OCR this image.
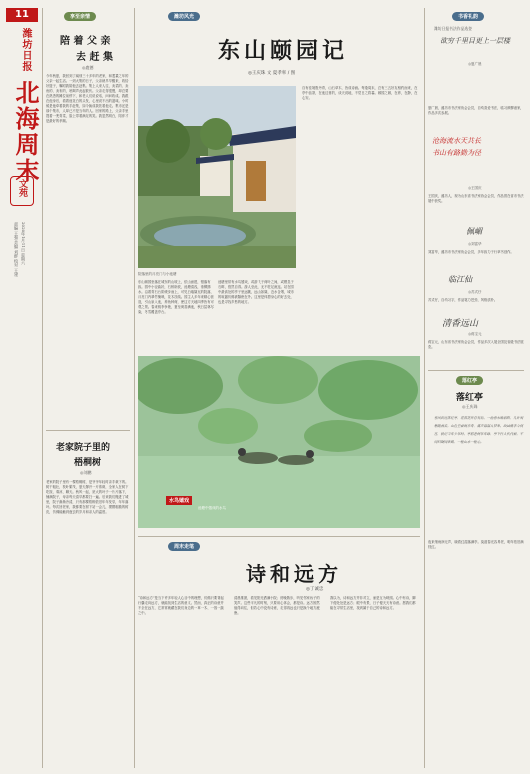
11
潍坊日报
北海周末
文苑
2020年1月11日 星期六
责编 王强 美编 刘群 校对 王建
享至亲情
陪 着 父 亲
去 赶 集
◎鹿德
今年秋夏，我回到了阔别三十多年的老家，和耄耋之年的父亲一起生活。一到大集的日子，父亲就早早醒来，收拾好篮子，嘱咐我陪他去赶集。集上人来人往，卖菜的、卖鱼的、卖布的，吆喝声此起彼伏。父亲走得很慢，却总要在熟悉的摊位前停下，和老人们说说话，问问收成。我跟在他身后，看着他花白的头发，心里说不出的滋味。小时候是他牵着我的手赶集，如今换成我扶着他走。集市还是那个集市，人却已不是当年的人。回家的路上，父亲手里提着一兜青菜，脸上带着满足的笑。我忽然明白，陪伴才是最好的孝顺。
老家院子里的
梧桐树
◎刘鹏
老家的院子里有一棵梧桐树，是爷爷年轻时亲手栽下的。树干粗壮，枝叶繁茂，夏天撑开一片浓荫，全家人在树下吃饭、乘凉、聊天。秋风一起，宽大的叶子一片片落下，铺满院子，母亲每天清早都要扫一遍。后来我们搬进了城里，院子渐渐冷清，只有那棵梧桐依旧年年发芽，年年落叶。每次回老家，我都要在树下站一会儿，摸摸粗糙的树皮，仿佛能触到逝去的岁月和亲人的温度。
潍坊风光
东山颐园记
◎王庆珠 文 夏孝率 / 图
院落里的月亮门与小池塘
自有佳境胜丹青，山石草木，皆成诗画。每逢周末，总有三五好友相约而来，在亭中品茶，在池边垂钓，谈天说地，不觉日之将暮。颐园之颐，在养，在静，在心安。
东山颐园坐落在城东的山坡上，依山而建，错落有致。园中小径曲折，石桥卧波，池塘清浅，垂柳拂水。沿着青石台阶缓步而上，可见白墙黛瓦的院落，月亮门内翠竹掩映，花木扶疏。园主人多年来精心营造，引山泉入池，养鱼种荷，使这方天地四季皆有可观之景。春来桃李争艳，夏至荷香满池，秋日层林尽染，冬雪覆盖亭台。
池塘里常有水鸟嬉戏，或游弋于荷叶之间，或栖息于石畔，悠然自得。游人至此，无不驻足流连。站在园中最高处的亭子里远眺，远山如黛，近水含烟，城市的喧嚣仿佛被隔绝在外。这里是休憩身心的好去处，也是寻找乡愁的地方。
水鸟嬉戏
池塘中嬉戏的水鸟
周末走笔
诗和远方
◎丁诚忠
“诗和远方”是当下许多年轻人心目中的理想，仿佛只要背起行囊走向远方，就能找到生活的意义。然而，真正的诗意并不全在远方，它常常就藏在我们身边的一草一木、一饭一蔬之中。
清晨推窗，看见阳光洒满小院；傍晚散步，听见邻家孩子的笑声。这些平凡的时刻，只要用心体会，都是诗。远方固然值得向往，但若心中没有诗意，走得再远也只是换个地方疲惫。
我以为，诗和远方并非对立，而是互为映照。心中有诗，脚下便处处是远方；眼中有景，日子便天天有诗意。愿我们都能在寻常生活里，找到属于自己的诗和远方。
书香礼韵
潍坊日报书法作品选登
欲穷千里目更上一层楼
◎夏广晨
夏广晨，潍坊市书法家协会会员，自幼喜爱书法，临习颜柳诸家，作品多次参展。
沧海流水天共长
书山有路勤为径
◎王国庆
王国庆，潍坊人，现为山东省书法家协会会员，作品曾在省市书法展中获奖。
佩嵋
◎刘富华
刘富华，潍坊市书法家协会会员，多年致力于行草书创作。
临江仙
◎苏式仔
苏式仔，自幼习字，作品笔力苍劲，风格质朴。
清香远山
◎蒋宝元
蒋宝元，山东省书法家协会会员，作品多次入展全国及省级书法展览。
落红亭
落红亭
◎王庆珠
春风吹过落红亭，花落花开总有情。一池春水映斜阳，几许闲愁随燕去。山色空蒙雨亦奇，溪声潺潺入梦来。故园桃李今何在，犹记当年少年时。亭前老树年年绿，亭下行人代代新。不问归期问来路，一程山水一程心。
夜来细雨润无声，晓看红湿落满亭。莫道春光容易老，明年依旧满枝红。
